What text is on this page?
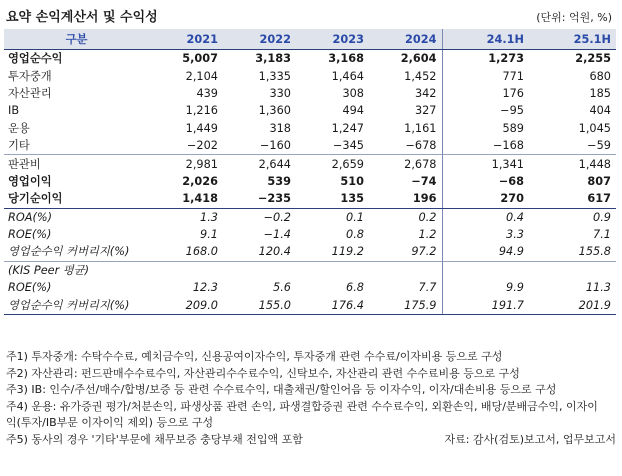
요약 손익계산서 및 수익성	(단위: 억원, %)
구분	2021	2022	2023	2024	24.1H	25.1H
영업순수익	5,007	3,183	3,168	2,604	1,273	2,255
투자중개	2,104	1,335	1,464	1,452	771	680
자산관리	439	330	308	342	176	185
IB	1,216	1,360	494	327	−95	404
운용	1,449	318	1,247	1,161	589	1,045
기타	−202	−160	−345	−678	−168	−59
판관비	2,981	2,644	2,659	2,678	1,341	1,448
영업이익	2,026	539	510	−74	−68	807
당기순이익	1,418	−235	135	196	270	617
ROA(%)	1.3	−0.2	0.1	0.2	0.4	0.9
ROE(%)	9.1	−1.4	0.8	1.2	3.3	7.1
영업순수익 커버리지(%)	168.0	120.4	119.2	97.2	94.9	155.8
(KIS Peer 평균)						
ROE(%)	12.3	5.6	6.8	7.7	9.9	11.3
영업순수익 커버리지(%)	209.0	155.0	176.4	175.9	191.7	201.9
주1) 투자중개: 수탁수수료, 예치금수익, 신용공여이자수익, 투자중개 관련 수수료/이자비용 등으로 구성
주2) 자산관리: 펀드판매수수료수익, 자산관리수수료수익, 신탁보수, 자산관리 관련 수수료비용 등으로 구성
주3) IB: 인수/주선/매수/합병/보증 등 관련 수수료수익, 대출채권/할인어음 등 이자수익, 이자/대손비용 등으로 구성
주4) 운용: 유가증권 평가/처분손익, 파생상품 관련 손익, 파생결합증권 관련 수수료수익, 외환손익, 배당/분배금수익, 이자이
익(투자/IB부문 이자이익 제외) 등으로 구성
주5) 동사의 경우 '기타'부문에 채무보증 충당부채 전입액 포함	자료: 감사(검토)보고서, 업무보고서
